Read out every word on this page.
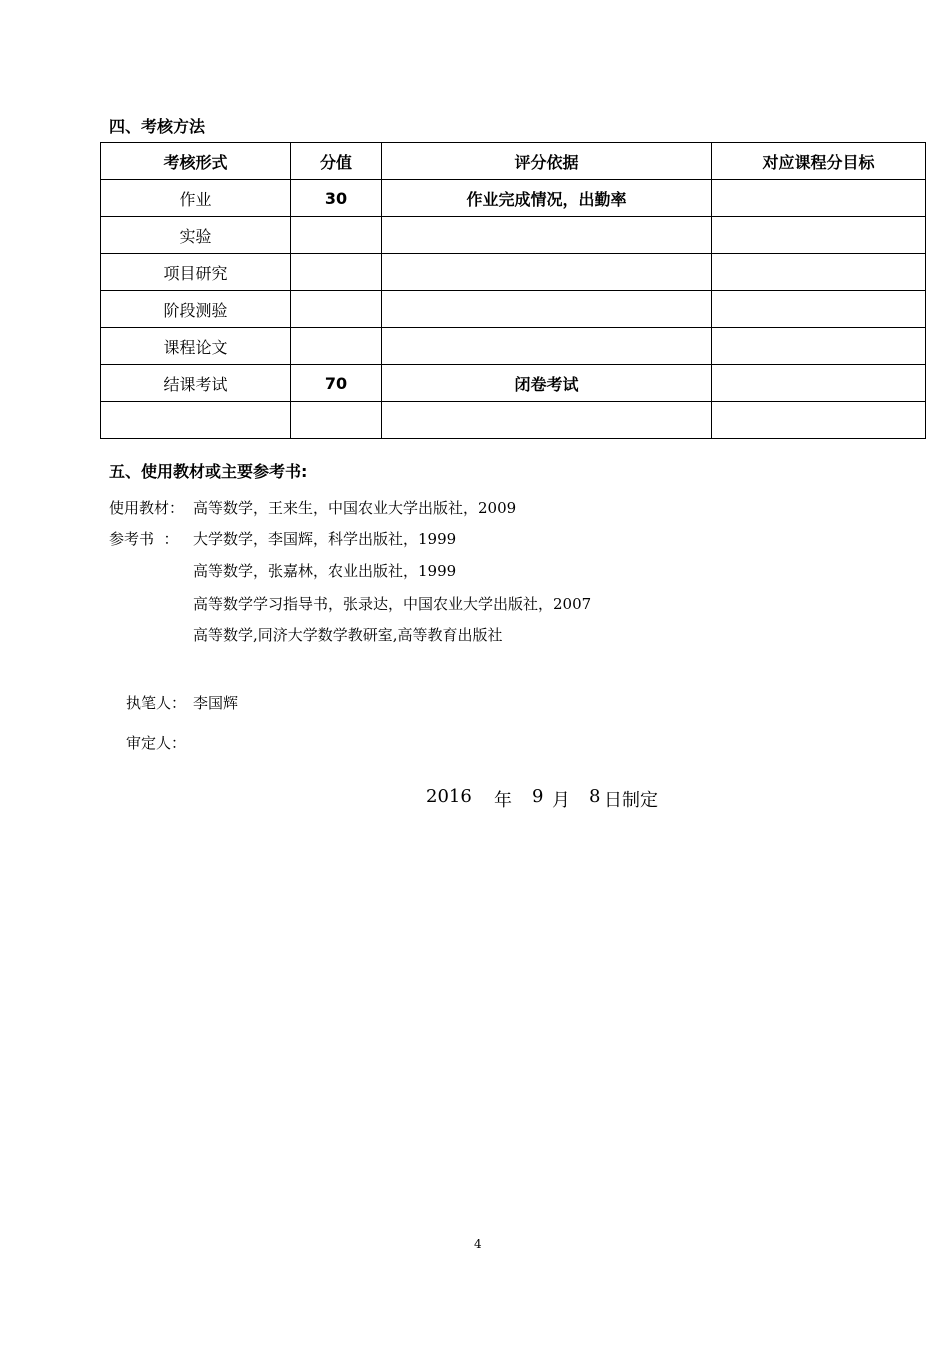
四、考核方法
考核形式	分值	评分依据	对应课程分目标
作业	30	作业完成情况，出勤率	
实验			
项目研究			
阶段测验			
课程论文			
结课考试	70	闭卷考试	

五、使用教材或主要参考书:
使用教材： 高等数学，王来生，中国农业大学出版社，2009
参考书  ： 大学数学，李国辉，科学出版社，1999
高等数学，张嘉林，农业出版社，1999
高等数学学习指导书，张录达，中国农业大学出版社，2007
高等数学,同济大学数学教研室,高等教育出版社
执笔人： 李国辉
审定人：
2016 年 9 月 8 日制定
4
